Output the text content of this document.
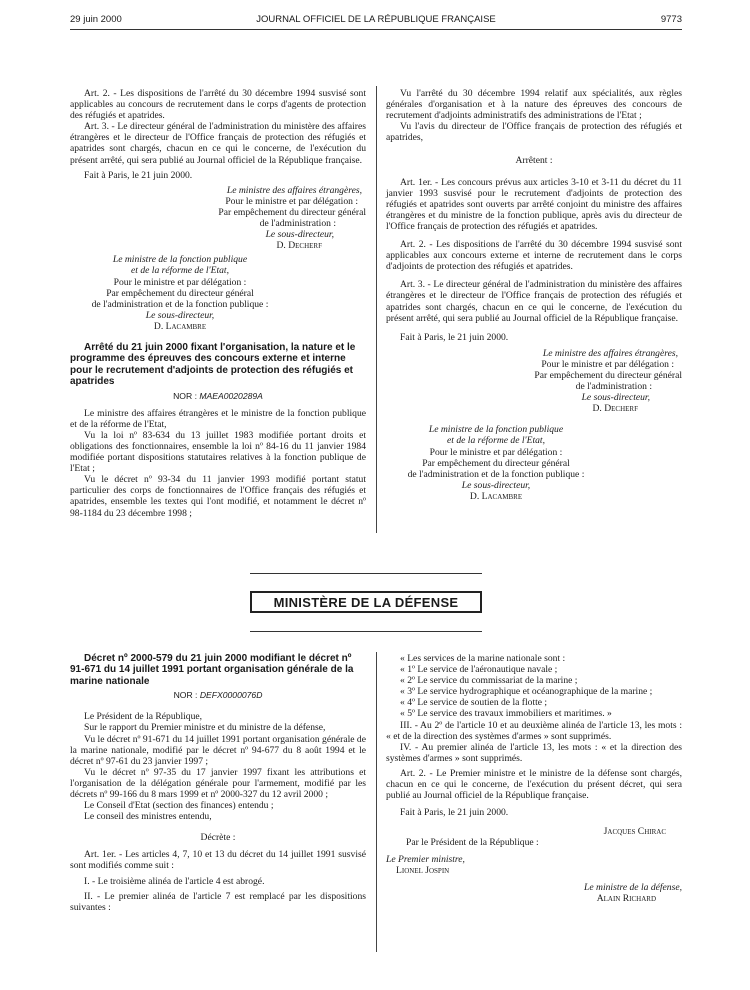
29 juin 2000	JOURNAL OFFICIEL DE LA RÉPUBLIQUE FRANÇAISE	9773

Art. 2. - Les dispositions de l'arrêté du 30 décembre 1994 susvisé sont applicables au concours de recrutement dans le corps d'agents de protection des réfugiés et apatrides.

Art. 3. - Le directeur général de l'administration du ministère des affaires étrangères et le directeur de l'Office français de protection des réfugiés et apatrides sont chargés, chacun en ce qui le concerne, de l'exécution du présent arrêté, qui sera publié au Journal officiel de la République française.

Fait à Paris, le 21 juin 2000.

Le ministre des affaires étrangères,

Pour le ministre et par délégation :

Par empêchement du directeur général

de l'administration :

Le sous-directeur,

D. Decherf

Le ministre de la fonction publique

et de la réforme de l'Etat,

Pour le ministre et par délégation :

Par empêchement du directeur général

de l'administration et de la fonction publique :

Le sous-directeur,

D. Lacambre

Arrêté du 21 juin 2000 fixant l'organisation, la nature et le programme des épreuves des concours externe et interne pour le recrutement d'adjoints de protection des réfugiés et apatrides

NOR : MAEA0020289A

Le ministre des affaires étrangères et le ministre de la fonction publique et de la réforme de l'Etat,

Vu la loi nº 83-634 du 13 juillet 1983 modifiée portant droits et obligations des fonctionnaires, ensemble la loi nº 84-16 du 11 janvier 1984 modifiée portant dispositions statutaires relatives à la fonction publique de l'Etat ;

Vu le décret nº 93-34 du 11 janvier 1993 modifié portant statut particulier des corps de fonctionnaires de l'Office français des réfugiés et apatrides, ensemble les textes qui l'ont modifié, et notamment le décret nº 98-1184 du 23 décembre 1998 ;

Vu l'arrêté du 30 décembre 1994 relatif aux spécialités, aux règles générales d'organisation et à la nature des épreuves des concours de recrutement d'adjoints administratifs des administrations de l'Etat ;

Vu l'avis du directeur de l'Office français de protection des réfugiés et apatrides,

Arrêtent :

Art. 1er. - Les concours prévus aux articles 3-10 et 3-11 du décret du 11 janvier 1993 susvisé pour le recrutement d'adjoints de protection des réfugiés et apatrides sont ouverts par arrêté conjoint du ministre des affaires étrangères et du ministre de la fonction publique, après avis du directeur de l'Office français de protection des réfugiés et apatrides.

Art. 2. - Les dispositions de l'arrêté du 30 décembre 1994 susvisé sont applicables aux concours externe et interne de recrutement dans le corps d'adjoints de protection des réfugiés et apatrides.

Art. 3. - Le directeur général de l'administration du ministère des affaires étrangères et le directeur de l'Office français de protection des réfugiés et apatrides sont chargés, chacun en ce qui le concerne, de l'exécution du présent arrêté, qui sera publié au Journal officiel de la République française.

Fait à Paris, le 21 juin 2000.

Le ministre des affaires étrangères,

Pour le ministre et par délégation :

Par empêchement du directeur général

de l'administration :

Le sous-directeur,

D. Decherf

Le ministre de la fonction publique

et de la réforme de l'Etat,

Pour le ministre et par délégation :

Par empêchement du directeur général

de l'administration et de la fonction publique :

Le sous-directeur,

D. Lacambre

MINISTÈRE DE LA DÉFENSE

Décret nº 2000-579 du 21 juin 2000 modifiant le décret nº 91-671 du 14 juillet 1991 portant organisation générale de la marine nationale

NOR : DEFX0000076D

Le Président de la République,

Sur le rapport du Premier ministre et du ministre de la défense,

Vu le décret nº 91-671 du 14 juillet 1991 portant organisation générale de la marine nationale, modifié par le décret nº 94-677 du 8 août 1994 et le décret nº 97-61 du 23 janvier 1997 ;

Vu le décret nº 97-35 du 17 janvier 1997 fixant les attributions et l'organisation de la délégation générale pour l'armement, modifié par les décrets nº 99-166 du 8 mars 1999 et nº 2000-327 du 12 avril 2000 ;

Le Conseil d'Etat (section des finances) entendu ;

Le conseil des ministres entendu,

Décrète :

Art. 1er. - Les articles 4, 7, 10 et 13 du décret du 14 juillet 1991 susvisé sont modifiés comme suit :

I. - Le troisième alinéa de l'article 4 est abrogé.

II. - Le premier alinéa de l'article 7 est remplacé par les dispositions suivantes :

« Les services de la marine nationale sont :

« 1º Le service de l'aéronautique navale ;

« 2º Le service du commissariat de la marine ;

« 3º Le service hydrographique et océanographique de la marine ;

« 4º Le service de soutien de la flotte ;

« 5º Le service des travaux immobiliers et maritimes. »

III. - Au 2º de l'article 10 et au deuxième alinéa de l'article 13, les mots : « et de la direction des systèmes d'armes » sont supprimés.

IV. - Au premier alinéa de l'article 13, les mots : « et la direction des systèmes d'armes » sont supprimés.

Art. 2. - Le Premier ministre et le ministre de la défense sont chargés, chacun en ce qui le concerne, de l'exécution du présent décret, qui sera publié au Journal officiel de la République française.

Fait à Paris, le 21 juin 2000.

Jacques Chirac

Par le Président de la République :

Le Premier ministre,

Lionel Jospin

Le ministre de la défense,

Alain Richard
